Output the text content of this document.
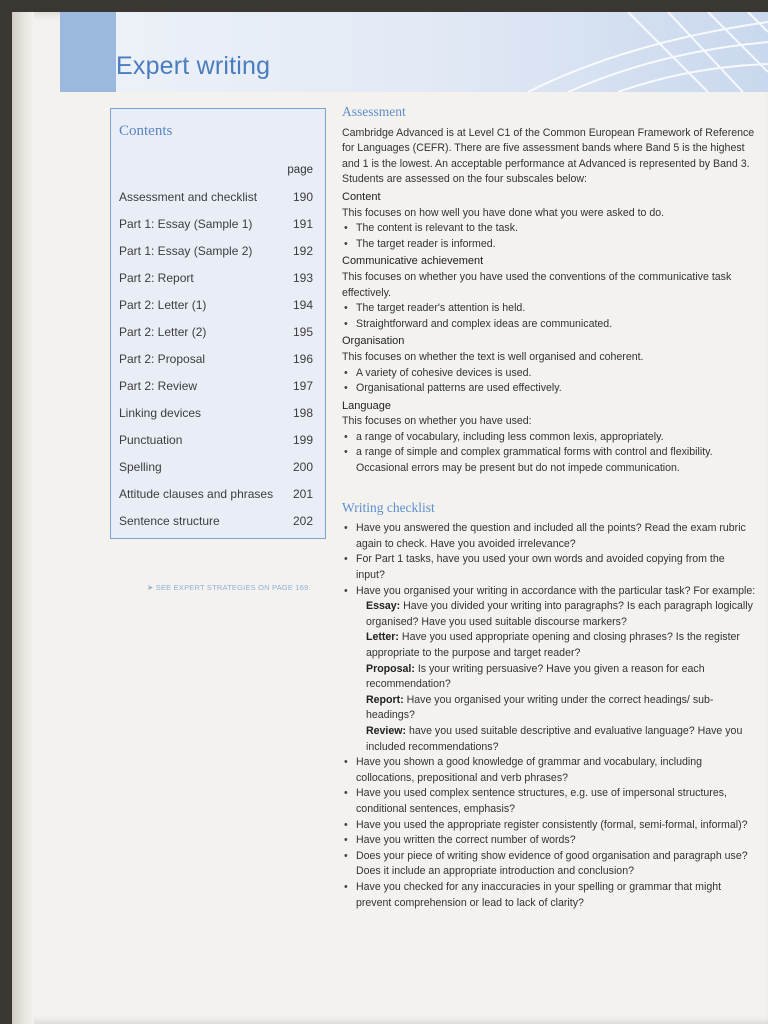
Expert writing
Contents
page
Assessment and checklist	190
Part 1: Essay (Sample 1)	191
Part 1: Essay (Sample 2)	192
Part 2: Report	193
Part 2: Letter (1)	194
Part 2: Letter (2)	195
Part 2: Proposal	196
Part 2: Review	197
Linking devices	198
Punctuation	199
Spelling	200
Attitude clauses and phrases 201
Sentence structure	202
➤ SEE EXPERT STRATEGIES ON PAGE 169.
Assessment

Cambridge Advanced is at Level C1 of the Common European Framework of Reference for Languages (CEFR). There are five assessment bands where Band 5 is the highest and 1 is the lowest. An acceptable performance at Advanced is represented by Band 3.

Students are assessed on the four subscales below:

Content

This focuses on how well you have done what you were asked to do.

• The content is relevant to the task.
• The target reader is informed.
Communicative achievement

This focuses on whether you have used the conventions of the communicative task effectively.

• The target reader's attention is held.
• Straightforward and complex ideas are communicated.
Organisation

This focuses on whether the text is well organised and coherent.

• A variety of cohesive devices is used.
• Organisational patterns are used effectively.
Language

This focuses on whether you have used:

• a range of vocabulary, including less common lexis, appropriately.
• a range of simple and complex grammatical forms with control and flexibility. Occasional errors may be present but do not impede communication.
Writing checklist
• Have you answered the question and included all the points? Read the exam rubric again to check. Have you avoided irrelevance?
• For Part 1 tasks, have you used your own words and avoided copying from the input?
• Have you organised your writing in accordance with the particular task? For example:
Essay: Have you divided your writing into paragraphs? Is each paragraph logically organised? Have you used suitable discourse markers?
Letter: Have you used appropriate opening and closing phrases? Is the register appropriate to the purpose and target reader?
Proposal: Is your writing persuasive? Have you given a reason for each recommendation?
Report: Have you organised your writing under the correct headings/ sub-headings?
Review: have you used suitable descriptive and evaluative language? Have you included recommendations?
• Have you shown a good knowledge of grammar and vocabulary, including collocations, prepositional and verb phrases?
• Have you used complex sentence structures, e.g. use of impersonal structures, conditional sentences, emphasis?
• Have you used the appropriate register consistently (formal, semi-formal, informal)?
• Have you written the correct number of words?
• Does your piece of writing show evidence of good organisation and paragraph use? Does it include an appropriate introduction and conclusion?
• Have you checked for any inaccuracies in your spelling or grammar that might prevent comprehension or lead to lack of clarity?
